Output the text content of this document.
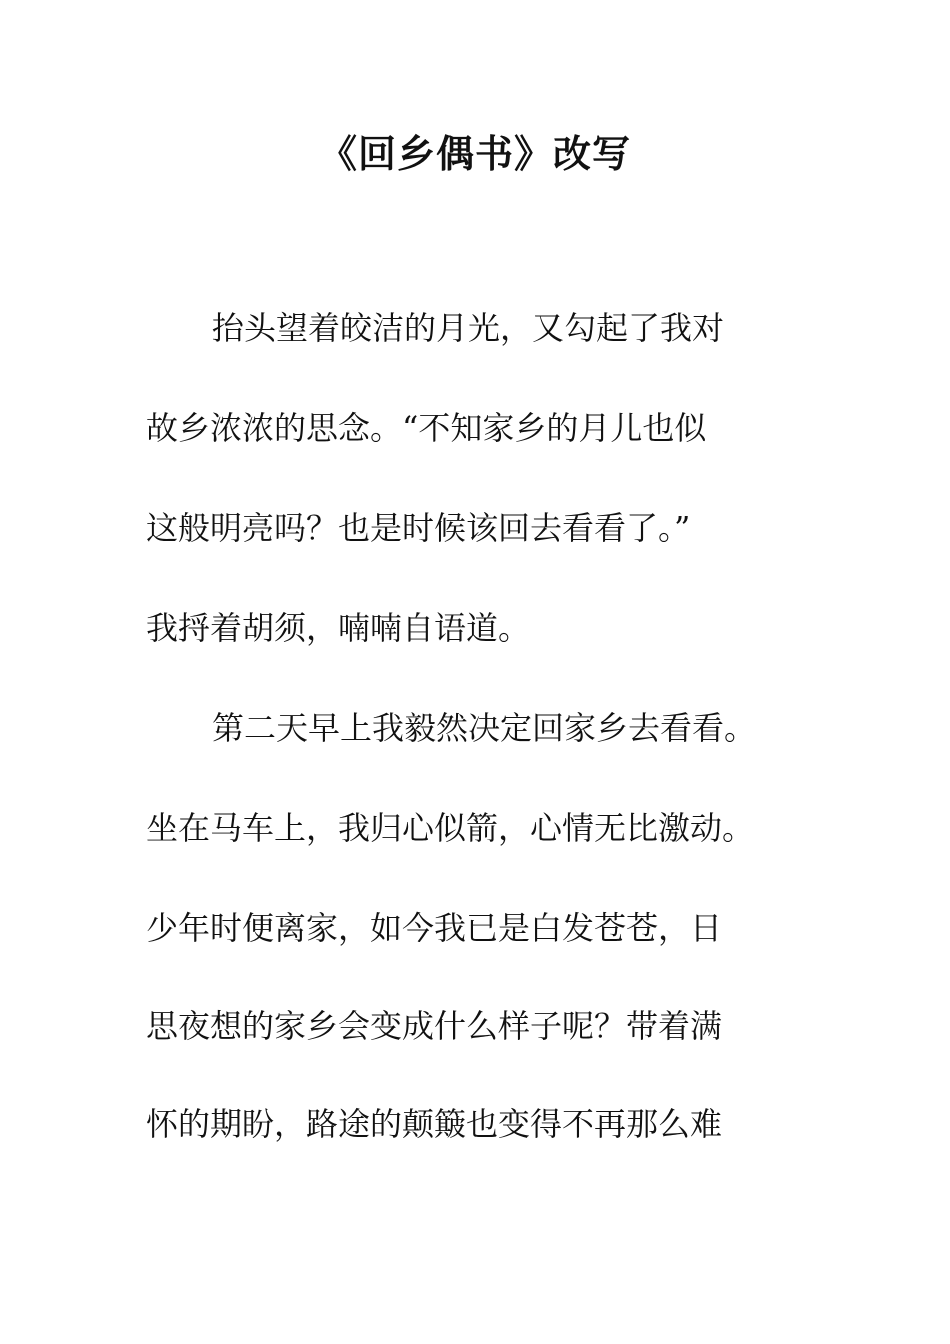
《回乡偶书》改写

抬头望着皎洁的月光，又勾起了我对

故乡浓浓的思念。“不知家乡的月儿也似

这般明亮吗？也是时候该回去看看了。”

我捋着胡须，喃喃自语道。

第二天早上我毅然决定回家乡去看看。

坐在马车上，我归心似箭，心情无比激动。

少年时便离家，如今我已是白发苍苍，日

思夜想的家乡会变成什么样子呢？带着满

怀的期盼，路途的颠簸也变得不再那么难
